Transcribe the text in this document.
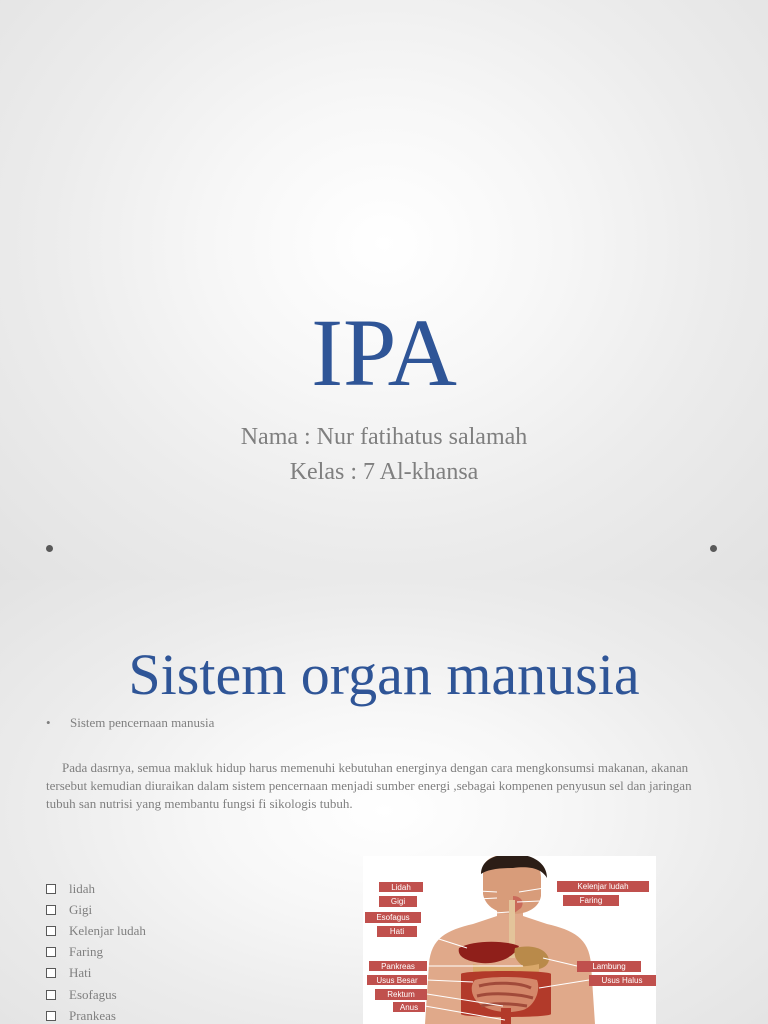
IPA
Nama : Nur fatihatus salamah
Kelas : 7 Al-khansa
Sistem organ manusia
• Sistem pencernaan manusia

Pada dasrnya, semua makluk hidup harus memenuhi kebutuhan energinya dengan cara mengkonsumsi makanan, akanan tersebut kemudian diuraikan dalam sistem pencernaan menjadi sumber energi ,sebagai kompenen penyusun sel dan jaringan tubuh san nutrisi yang membantu fungsi fi sikologis tubuh.

lidah
Gigi
Kelenjar ludah
Faring
Hati
Esofagus
Prankeas
Lidah
Gigi
Esofagus
Hati
Pankreas
Usus Besar
Rektum
Anus
Kelenjar ludah
Faring
Lambung
Usus Halus
